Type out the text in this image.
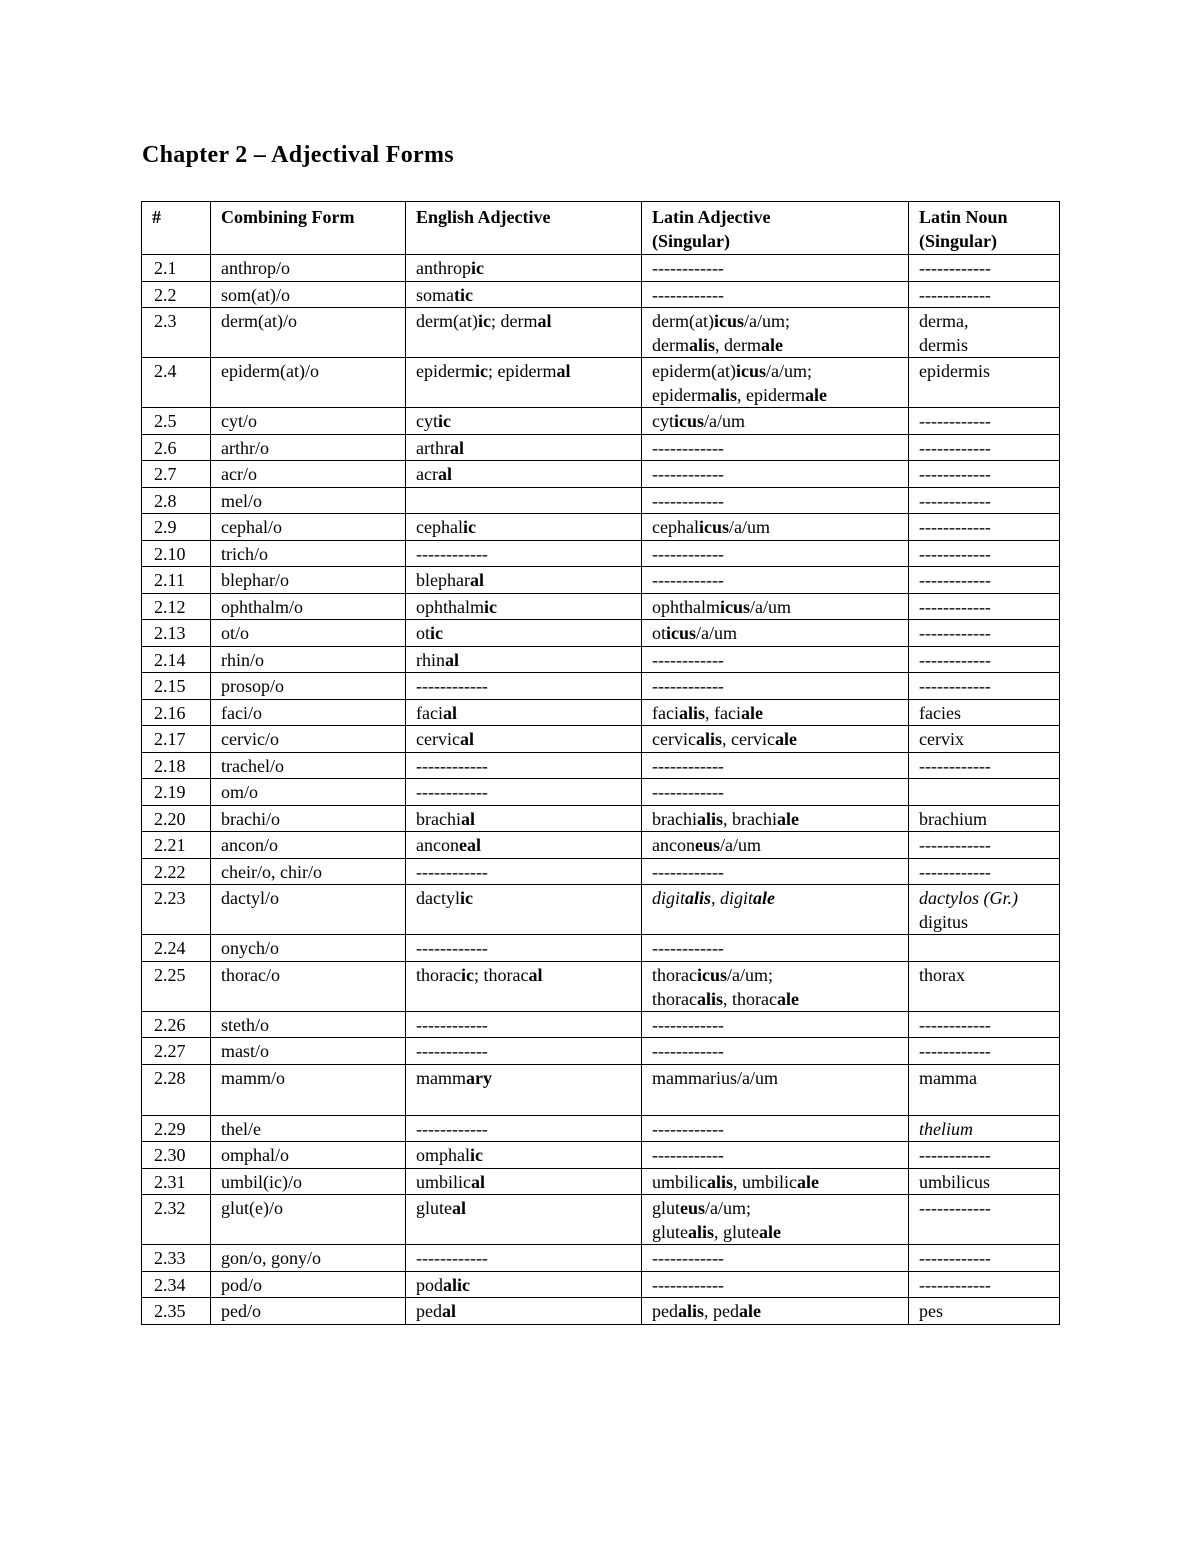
Chapter 2 – Adjectival Forms
#	Combining Form	English Adjective	Latin Adjective
(Singular)	Latin Noun
(Singular)

2.1	anthrop/o	anthropic	------------	------------

2.2	som(at)/o	somatic	------------	------------

2.3	derm(at)/o	derm(at)ic; dermal	derm(at)icus/a/um;
dermalis, dermale	derma,
dermis

2.4	epiderm(at)/o	epidermic; epidermal	epiderm(at)icus/a/um;
epidermalis, epidermale	epidermis

2.5	cyt/o	cytic	cyticus/a/um	------------

2.6	arthr/o	arthral	------------	------------

2.7	acr/o	acral	------------	------------

2.8	mel/o		------------	------------

2.9	cephal/o	cephalic	cephalicus/a/um	------------

2.10	trich/o	------------	------------	------------

2.11	blephar/o	blepharal	------------	------------

2.12	ophthalm/o	ophthalmic	ophthalmicus/a/um	------------

2.13	ot/o	otic	oticus/a/um	------------

2.14	rhin/o	rhinal	------------	------------

2.15	prosop/o	------------	------------	------------

2.16	faci/o	facial	facialis, faciale	facies

2.17	cervic/o	cervical	cervicalis, cervicale	cervix

2.18	trachel/o	------------	------------	------------

2.19	om/o	------------	------------	

2.20	brachi/o	brachial	brachialis, brachiale	brachium

2.21	ancon/o	anconeal	anconeus/a/um	------------

2.22	cheir/o, chir/o	------------	------------	------------

2.23	dactyl/o	dactylic	digitalis, digitale	dactylos (Gr.)
digitus

2.24	onych/o	------------	------------	

2.25	thorac/o	thoracic; thoracal	thoracicus/a/um;
thoracalis, thoracale	thorax

2.26	steth/o	------------	------------	------------

2.27	mast/o	------------	------------	------------

2.28	mamm/o	mammary	mammarius/a/um	mamma

2.29	thel/e	------------	------------	thelium

2.30	omphal/o	omphalic	------------	------------

2.31	umbil(ic)/o	umbilical	umbilicalis, umbilicale	umbilicus

2.32	glut(e)/o	gluteal	gluteus/a/um;
glutealis, gluteale	------------

2.33	gon/o, gony/o	------------	------------	------------

2.34	pod/o	podalic	------------	------------

2.35	ped/o	pedal	pedalis, pedale	pes
